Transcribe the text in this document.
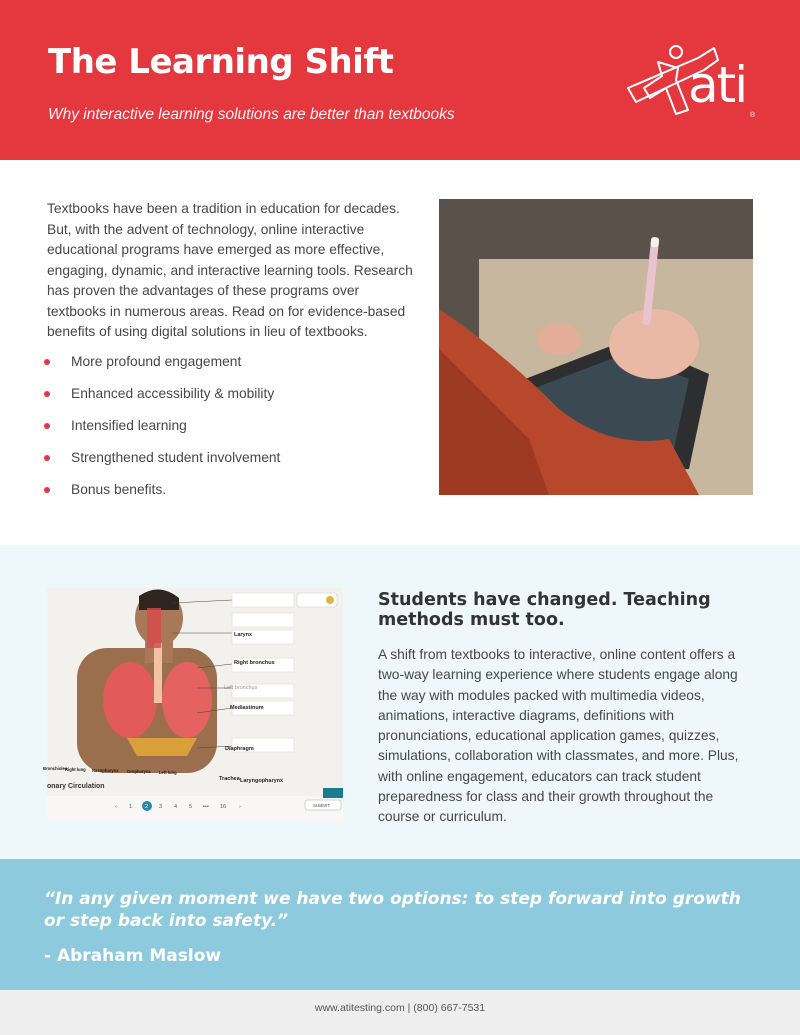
The Learning Shift
Why interactive learning solutions are better than textbooks
ati
®

Textbooks have been a tradition in education for decades. But, with the advent of technology, online interactive educational programs have emerged as more effective, engaging, dynamic, and interactive learning tools. Research has proven the advantages of these programs over textbooks in numerous areas. Read on for evidence-based benefits of using digital solutions in lieu of textbooks.

More profound engagement
Enhanced accessibility & mobility
Intensified learning
Strengthened student involvement
Bonus benefits.
Larynx
Right bronchus
Left bronchus
Mediastinum
Diaphragm
Trachea Laryngopharynx
Bronchioles
Right lung Nasopharynx Oropharynx Left lung
onary Circulation
‹ 1 2 3 4 5 ••• 16 ›	SUBMIT
Students have changed. Teaching methods must too.

A shift from textbooks to interactive, online content offers a two-way learning experience where students engage along the way with modules packed with multimedia videos, animations, interactive diagrams, definitions with pronunciations, educational application games, quizzes, simulations, collaboration with classmates, and more. Plus, with online engagement, educators can track student preparedness for class and their growth throughout the course or curriculum.

“In any given moment we have two options: to step forward into growth or step back into safety.”
- Abraham Maslow
www.atitesting.com | (800) 667-7531
